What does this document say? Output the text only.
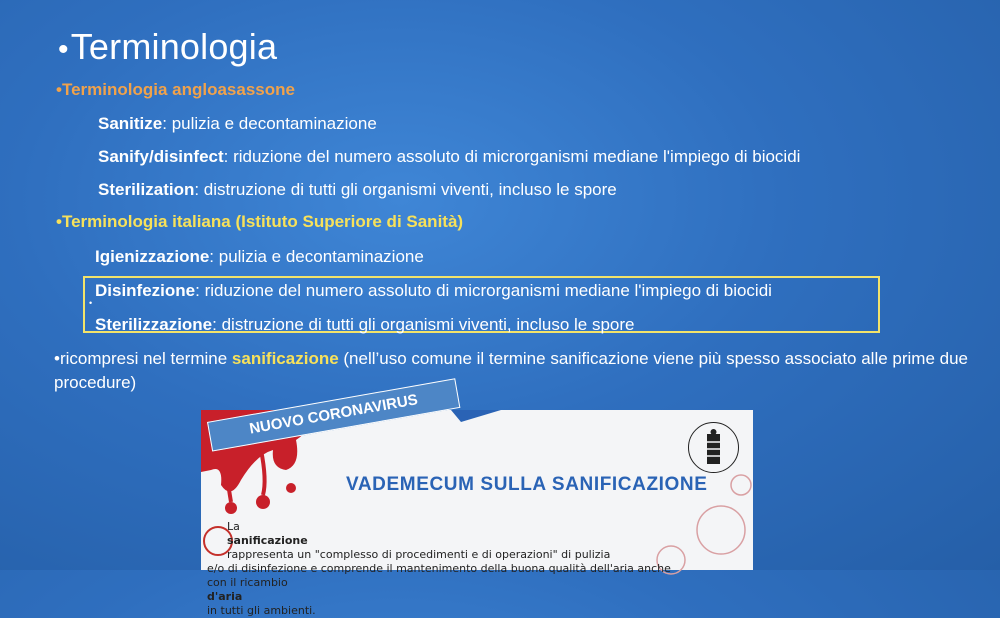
•Terminologia
•Terminologia angloasassone
Sanitize: pulizia e decontaminazione
Sanify/disinfect: riduzione del numero assoluto di microrganismi mediane l'impiego di biocidi
Sterilization: distruzione di tutti gli organismi viventi, incluso le spore
•Terminologia italiana (Istituto Superiore di Sanità)
Igienizzazione: pulizia e decontaminazione
•
Disinfezione: riduzione del numero assoluto di microrganismi mediane l'impiego di biocidi
Sterilizzazione: distruzione di tutti gli organismi viventi, incluso le spore
•ricompresi nel termine sanificazione (nell’uso comune il termine sanificazione viene più spesso associato alle prime due procedure)
NUOVO CORONAVIRUS
VADEMECUM SULLA SANIFICAZIONE
La
sanificazione
rappresenta un "complesso di procedimenti e di operazioni" di pulizia
e/o di disinfezione e comprende il mantenimento della buona qualità dell'aria anche
con il ricambio
d'aria
in tutti gli ambienti.
